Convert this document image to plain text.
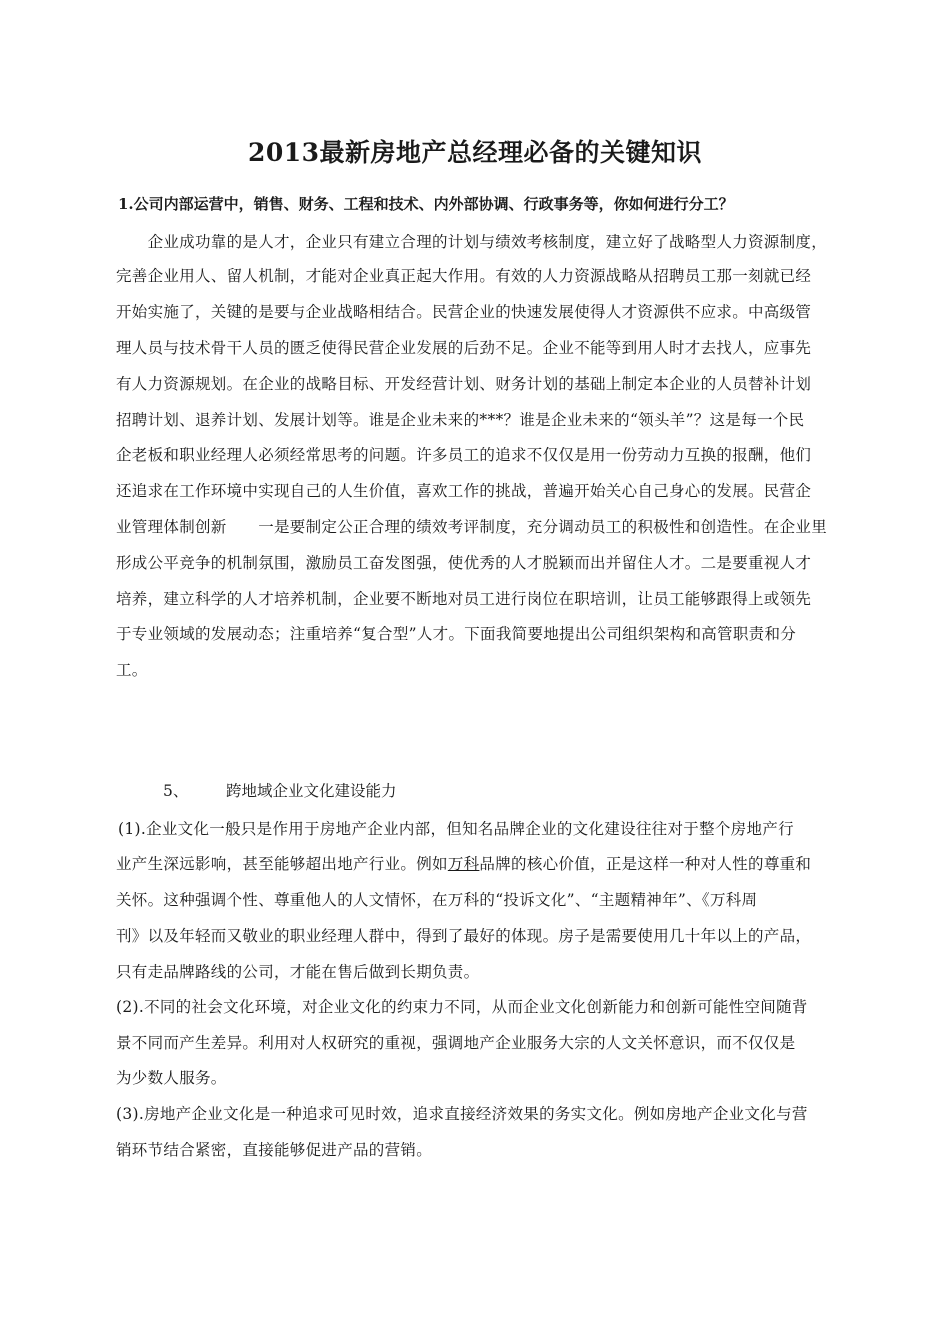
2013最新房地产总经理必备的关键知识
1.公司内部运营中，销售、财务、工程和技术、内外部协调、行政事务等，你如何进行分工？
　　企业成功靠的是人才，企业只有建立合理的计划与绩效考核制度，建立好了战略型人力资源制度，
完善企业用人、留人机制，才能对企业真正起大作用。有效的人力资源战略从招聘员工那一刻就已经
开始实施了，关键的是要与企业战略相结合。民营企业的快速发展使得人才资源供不应求。中高级管
理人员与技术骨干人员的匮乏使得民营企业发展的后劲不足。企业不能等到用人时才去找人，应事先
有人力资源规划。在企业的战略目标、开发经营计划、财务计划的基础上制定本企业的人员替补计划
招聘计划、退养计划、发展计划等。谁是企业未来的***？谁是企业未来的“领头羊”？这是每一个民
企老板和职业经理人必须经常思考的问题。许多员工的追求不仅仅是用一份劳动力互换的报酬，他们
还追求在工作环境中实现自己的人生价值，喜欢工作的挑战，普遍开始关心自己身心的发展。民营企
业管理体制创新　　一是要制定公正合理的绩效考评制度，充分调动员工的积极性和创造性。在企业里
形成公平竞争的机制氛围，激励员工奋发图强，使优秀的人才脱颖而出并留住人才。二是要重视人才
培养，建立科学的人才培养机制，企业要不断地对员工进行岗位在职培训，让员工能够跟得上或领先
于专业领域的发展动态；注重培养“复合型”人才。下面我简要地提出公司组织架构和高管职责和分
工。
5、 跨地域企业文化建设能力
(1).企业文化一般只是作用于房地产企业内部，但知名品牌企业的文化建设往往对于整个房地产行
业产生深远影响，甚至能够超出地产行业。例如万科品牌的核心价值，正是这样一种对人性的尊重和
关怀。这种强调个性、尊重他人的人文情怀，在万科的“投诉文化”、“主题精神年”、《万科周
刊》以及年轻而又敬业的职业经理人群中，得到了最好的体现。房子是需要使用几十年以上的产品，
只有走品牌路线的公司，才能在售后做到长期负责。
(2).不同的社会文化环境，对企业文化的约束力不同，从而企业文化创新能力和创新可能性空间随背
景不同而产生差异。利用对人权研究的重视，强调地产企业服务大宗的人文关怀意识，而不仅仅是
为少数人服务。
(3).房地产企业文化是一种追求可见时效，追求直接经济效果的务实文化。例如房地产企业文化与营
销环节结合紧密，直接能够促进产品的营销。
